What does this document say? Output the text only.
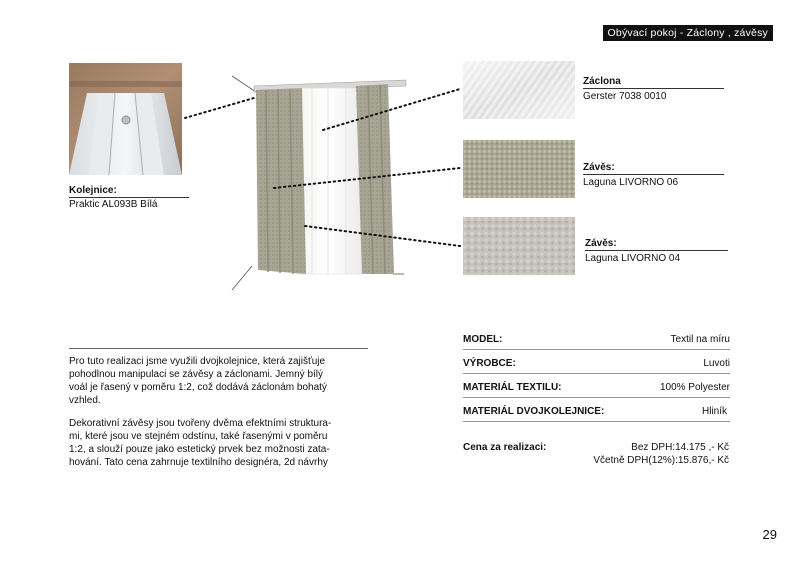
Obývací pokoj - Záclony , závěsy
Kolejnice:
Praktic AL093B Bílá
Záclona
Gerster 7038 0010
Závěs:
Laguna LIVORNO 06
Závěs:
Laguna LIVORNO 04
Pro tuto realizaci jsme využili dvojkolejnice, která zajišťuje
pohodlnou manipulaci se závěsy a záclonami. Jemný bílý
voál je řasený v poměru 1:2, což dodává záclonám bohatý
vzhled.
Dekorativní závěsy jsou tvořeny dvěma efektními struktura-
mi, které jsou ve stejném odstínu, také řasenými v poměru
1:2, a slouží pouze jako estetický prvek bez možnosti zata-
hování. Tato cena zahrnuje textilního designéra, 2d návrhy
MODEL:	Textil na míru
VÝROBCE:	Luvoti
MATERIÁL TEXTILU:	100% Polyester
MATERIÁL DVOJKOLEJNICE:	Hliník
Cena za realizaci:	Bez DPH:14.175 ,- Kč
Včetně DPH(12%):15.876,- Kč
29
